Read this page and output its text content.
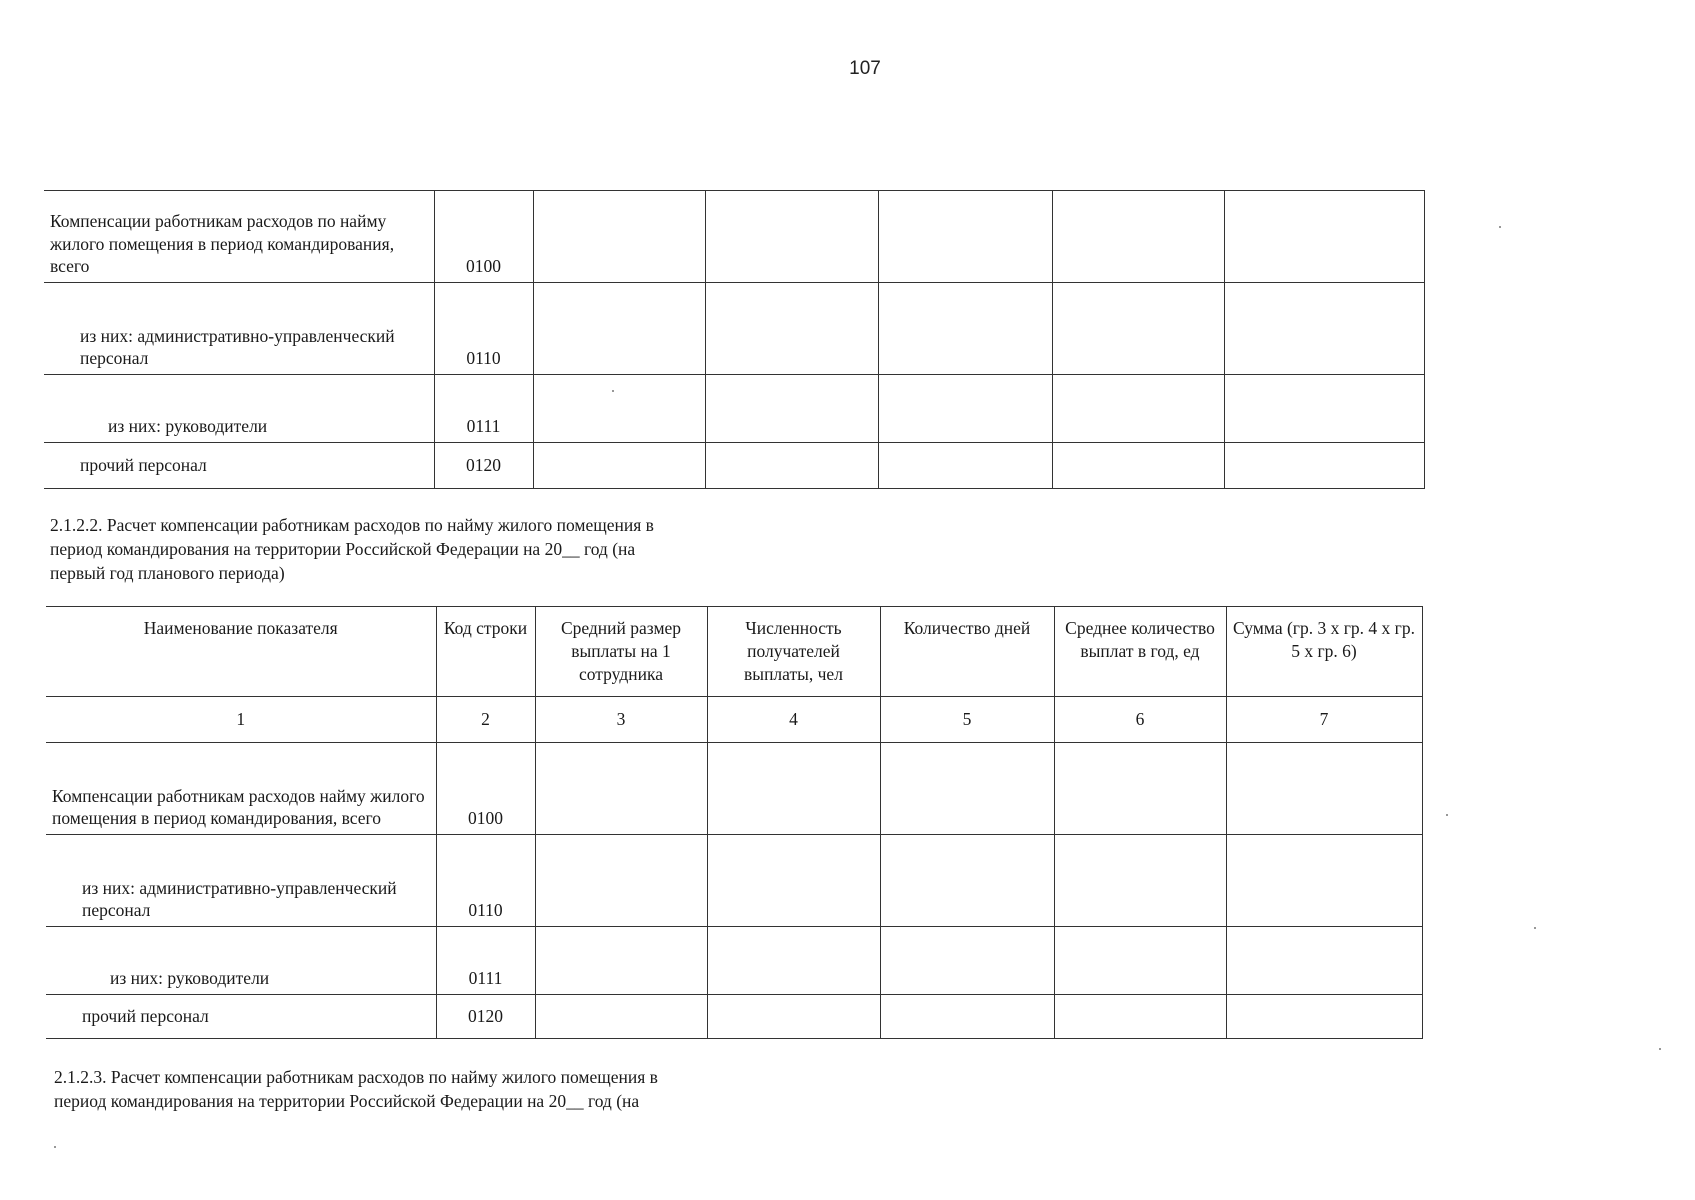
107
Компенсации работникам расходов по найму жилого помещения в период командирования, всего	0100					
из них: административно-управленческий персонал	0110					
из них: руководители	0111					
прочий персонал	0120					

2.1.2.2. Расчет компенсации работникам расходов по найму жилого помещения в

период командирования на территории Российской Федерации на 20__ год (на

первый год планового периода)

Наименование показателя	Код строки	Средний размер выплаты на 1 сотрудника	Численность получателей выплаты, чел	Количество дней	Среднее количество выплат в год, ед	Сумма (гр. 3 х гр. 4 х гр. 5 х гр. 6)
1	2	3	4	5	6	7
Компенсации работникам расходов найму жилого помещения в период командирования, всего	0100					
из них: административно-управленческий персонал	0110					
из них: руководители	0111					
прочий персонал	0120					

2.1.2.3. Расчет компенсации работникам расходов по найму жилого помещения в

период командирования на территории Российской Федерации на 20__ год (на
